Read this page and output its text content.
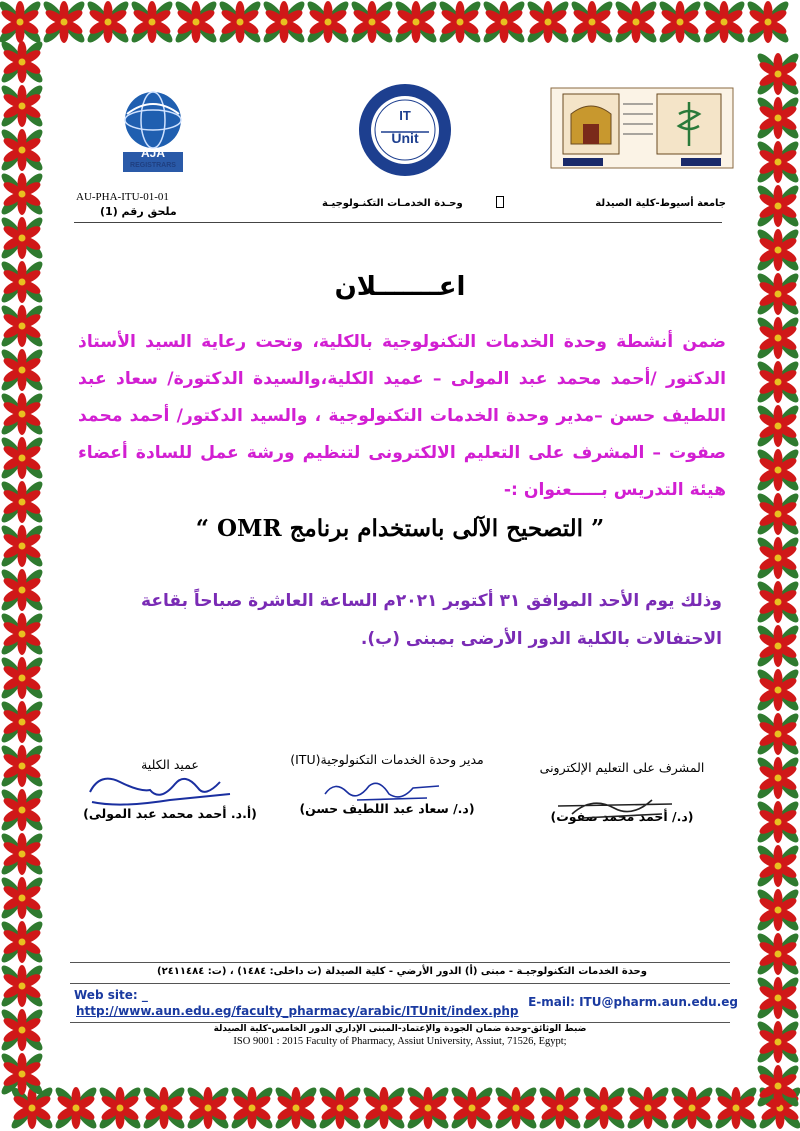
AJA
REGISTRARS
IT
Unit
AU-PHA-ITU-01-01
ملحق رقم (1)
وحـدة الخدمـات التكنـولوجيـة	جامعة أسيوط-كلية الصيدلة
اعـــــــلان
ضمن أنشطة وحدة الخدمات التكنولوجية بالكلية، وتحت رعاية السيد الأستاذ الدكتور /أحمد محمد عبد المولى – عميد الكلية،والسيدة الدكتورة/ سعاد عبد اللطيف حسن –مدير وحدة الخدمات التكنولوجية ، والسيد الدكتور/ أحمد محمد صفوت – المشرف على التعليم الالكترونى لتنظيم ورشة عمل للسادة أعضاء هيئة التدريس بـــــعنوان :-
” التصحيح الآلى باستخدام برنامج OMR “
وذلك يوم الأحد الموافق ٣١ أكتوبر ٢٠٢١م الساعة العاشرة صباحاً بقاعة الاحتفالات بالكلية الدور الأرضى بمبنى (ب).
عميد الكلية
(أ.د. أحمد محمد عبد المولى)
مدير وحدة الخدمات التكنولوجية(ITU)
(د./ سعاد عبد اللطيف حسن)
المشرف على التعليم الإلكترونى
(د./ أحمد محمد صفوت)
وحدة الخدمات التكنولوجيـة - مبنى (أ) الدور الأرضي - كلية الصيدلة (ت داخلى: ١٤٨٤) ، (ت: ٢٤١١٤٨٤)
Web site: _
http://www.aun.edu.eg/faculty_pharmacy/arabic/ITUnit/index.php
E-mail: ITU@pharm.aun.edu.eg
ضبط الوثائق-وحدة ضمان الجودة والإعتماد-المبنى الإداري الدور الخامس-كلية الصيدلة
ISO 9001 : 2015 Faculty of Pharmacy, Assiut University, Assiut, 71526, Egypt;
